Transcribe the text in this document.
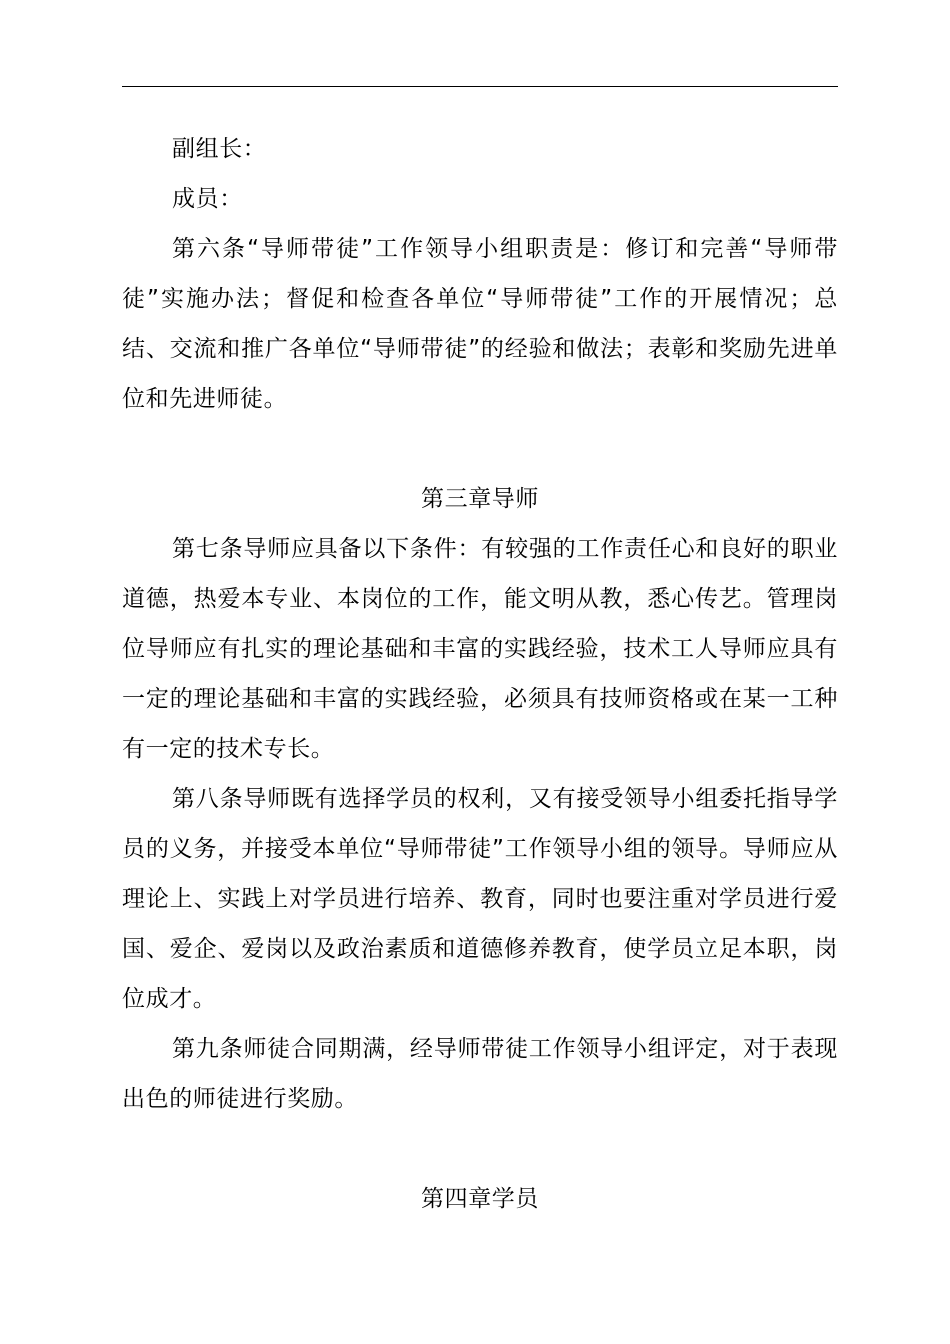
副组长：

成员：

第六条“导师带徒”工作领导小组职责是：修订和完善“导师带徒”实施办法；督促和检查各单位“导师带徒”工作的开展情况；总结、交流和推广各单位“导师带徒”的经验和做法；表彰和奖励先进单位和先进师徒。

第三章导师

第七条导师应具备以下条件：有较强的工作责任心和良好的职业道德，热爱本专业、本岗位的工作，能文明从教，悉心传艺。管理岗位导师应有扎实的理论基础和丰富的实践经验，技术工人导师应具有一定的理论基础和丰富的实践经验，必须具有技师资格或在某一工种有一定的技术专长。

第八条导师既有选择学员的权利，又有接受领导小组委托指导学员的义务，并接受本单位“导师带徒”工作领导小组的领导。导师应从理论上、实践上对学员进行培养、教育，同时也要注重对学员进行爱国、爱企、爱岗以及政治素质和道德修养教育，使学员立足本职，岗位成才。

第九条师徒合同期满，经导师带徒工作领导小组评定，对于表现出色的师徒进行奖励。

第四章学员
